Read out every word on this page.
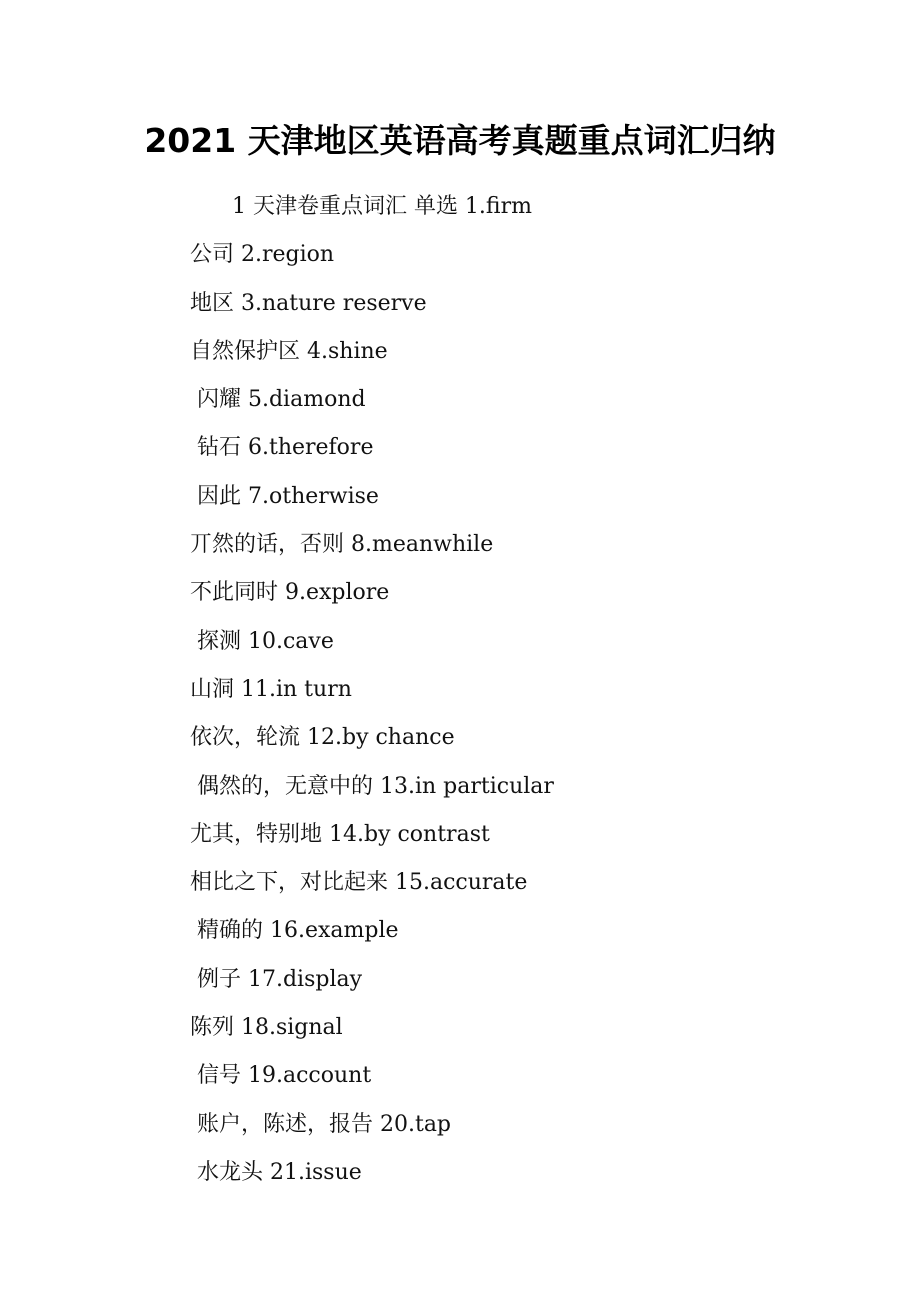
2021 天津地区英语高考真题重点词汇归纳
1 天津卷重点词汇 单选 1.firm
公司 2.region
地区 3.nature reserve
自然保护区 4.shine
闪耀 5.diamond
钻石 6.therefore
因此 7.otherwise
丌然的话，否则 8.meanwhile
不此同时 9.explore
探测 10.cave
山洞 11.in turn
依次，轮流 12.by chance
偶然的，无意中的 13.in particular
尤其，特别地 14.by contrast
相比之下，对比起来 15.accurate
精确的 16.example
例子 17.display
陈列 18.signal
信号 19.account
账户，陈述，报告 20.tap
水龙头 21.issue
